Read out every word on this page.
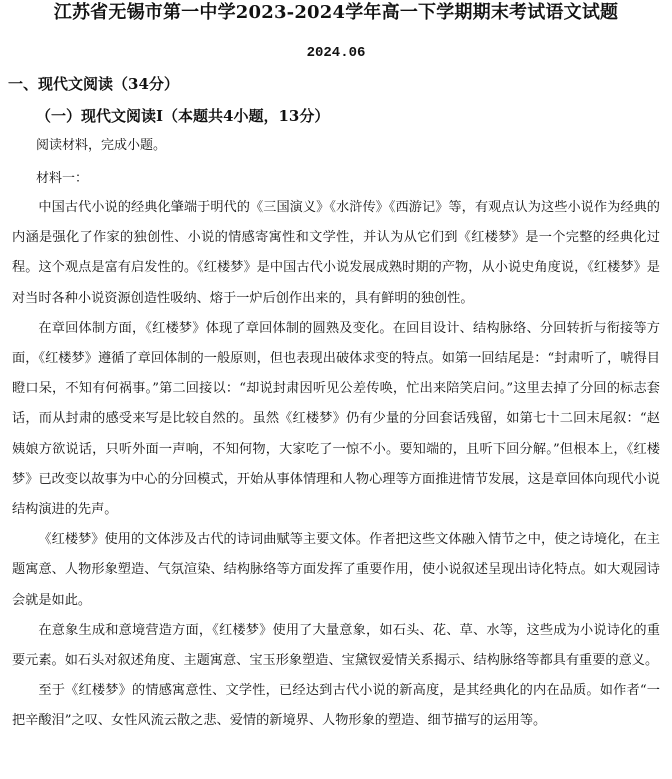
江苏省无锡市第一中学2023-2024学年高一下学期期末考试语文试题
2024.06
一、现代文阅读（34分）
（一）现代文阅读Ⅰ（本题共4小题，13分）
阅读材料，完成小题。
材料一：

中国古代小说的经典化肇端于明代的《三国演义》《水浒传》《西游记》等，有观点认为这些小说作为经典的内涵是强化了作家的独创性、小说的情感寄寓性和文学性，并认为从它们到《红楼梦》是一个完整的经典化过程。这个观点是富有启发性的。《红楼梦》是中国古代小说发展成熟时期的产物，从小说史角度说，《红楼梦》是对当时各种小说资源创造性吸纳、熔于一炉后创作出来的，具有鲜明的独创性。

在章回体制方面，《红楼梦》体现了章回体制的圆熟及变化。在回目设计、结构脉络、分回转折与衔接等方面，《红楼梦》遵循了章回体制的一般原则，但也表现出破体求变的特点。如第一回结尾是：“封肃听了，唬得目瞪口呆，不知有何祸事。”第二回接以：“却说封肃因听见公差传唤，忙出来陪笑启问。”这里去掉了分回的标志套话，而从封肃的感受来写是比较自然的。虽然《红楼梦》仍有少量的分回套话残留，如第七十二回末尾叙：“赵姨娘方欲说话，只听外面一声响，不知何物，大家吃了一惊不小。要知端的，且听下回分解。”但根本上，《红楼梦》已改变以故事为中心的分回模式，开始从事体情理和人物心理等方面推进情节发展，这是章回体向现代小说结构演进的先声。

《红楼梦》使用的文体涉及古代的诗词曲赋等主要文体。作者把这些文体融入情节之中，使之诗境化，在主题寓意、人物形象塑造、气氛渲染、结构脉络等方面发挥了重要作用，使小说叙述呈现出诗化特点。如大观园诗会就是如此。

在意象生成和意境营造方面，《红楼梦》使用了大量意象，如石头、花、草、水等，这些成为小说诗化的重要元素。如石头对叙述角度、主题寓意、宝玉形象塑造、宝黛钗爱情关系揭示、结构脉络等都具有重要的意义。

至于《红楼梦》的情感寓意性、文学性，已经达到古代小说的新高度，是其经典化的内在品质。如作者“一把辛酸泪”之叹、女性风流云散之悲、爱情的新境界、人物形象的塑造、细节描写的运用等。
